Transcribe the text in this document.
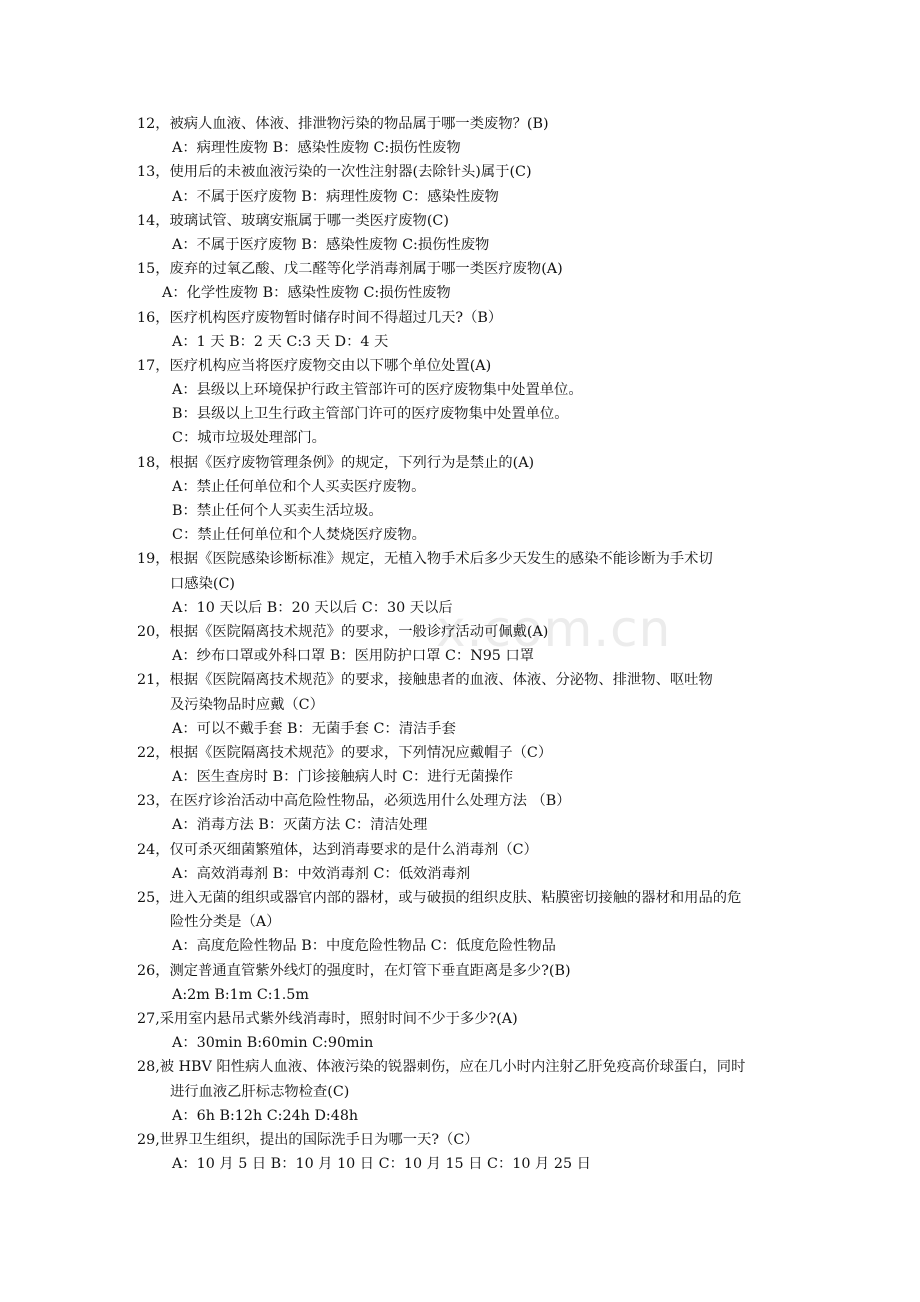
x.com.cn
12，被病人血液、体液、排泄物污染的物品属于哪一类废物？(B)
A：病理性废物 B：感染性废物 C:损伤性废物
13，使用后的未被血液污染的一次性注射器(去除针头)属于(C)
A：不属于医疗废物 B：病理性废物 C：感染性废物
14，玻璃试管、玻璃安瓶属于哪一类医疗废物(C)
A：不属于医疗废物 B：感染性废物 C:损伤性废物
15，废弃的过氧乙酸、戊二醛等化学消毒剂属于哪一类医疗废物(A)
A：化学性废物 B：感染性废物 C:损伤性废物
16，医疗机构医疗废物暂时储存时间不得超过几天?（B）
A：1 天 B：2 天 C:3 天 D：4 天
17，医疗机构应当将医疗废物交由以下哪个单位处置(A)
A：县级以上环境保护行政主管部许可的医疗废物集中处置单位。
B：县级以上卫生行政主管部门许可的医疗废物集中处置单位。
C：城市垃圾处理部门。
18，根据《医疗废物管理条例》的规定，下列行为是禁止的(A)
A：禁止任何单位和个人买卖医疗废物。
B：禁止任何个人买卖生活垃圾。
C：禁止任何单位和个人焚烧医疗废物。
19，根据《医院感染诊断标准》规定，无植入物手术后多少天发生的感染不能诊断为手术切
口感染(C)
A：10 天以后 B：20 天以后 C：30 天以后
20，根据《医院隔离技术规范》的要求，一般诊疗活动可佩戴(A)
A：纱布口罩或外科口罩 B：医用防护口罩 C：N95 口罩
21，根据《医院隔离技术规范》的要求，接触患者的血液、体液、分泌物、排泄物、呕吐物
及污染物品时应戴（C）
A：可以不戴手套 B：无菌手套 C：清洁手套
22，根据《医院隔离技术规范》的要求，下列情况应戴帽子（C）
A：医生查房时 B：门诊接触病人时 C：进行无菌操作
23，在医疗诊治活动中高危险性物品，必须选用什么处理方法 （B）
A：消毒方法 B：灭菌方法 C：清洁处理
24，仅可杀灭细菌繁殖体，达到消毒要求的是什么消毒剂（C）
A：高效消毒剂 B：中效消毒剂 C：低效消毒剂
25，进入无菌的组织或器官内部的器材，或与破损的组织皮肤、粘膜密切接触的器材和用品的危
险性分类是（A）
A：高度危险性物品 B：中度危险性物品 C：低度危险性物品
26，测定普通直管紫外线灯的强度时，在灯管下垂直距离是多少?(B)
A:2m B:1m C:1.5m
27,采用室内悬吊式紫外线消毒时，照射时间不少于多少?(A)
A：30min B:60min C:90min
28,被 HBV 阳性病人血液、体液污染的锐器刺伤，应在几小时内注射乙肝免疫高价球蛋白，同时
进行血液乙肝标志物检查(C)
A：6h B:12h C:24h D:48h
29,世界卫生组织，提出的国际洗手日为哪一天?（C）
A：10 月 5 日 B：10 月 10 日 C：10 月 15 日 C：10 月 25 日
